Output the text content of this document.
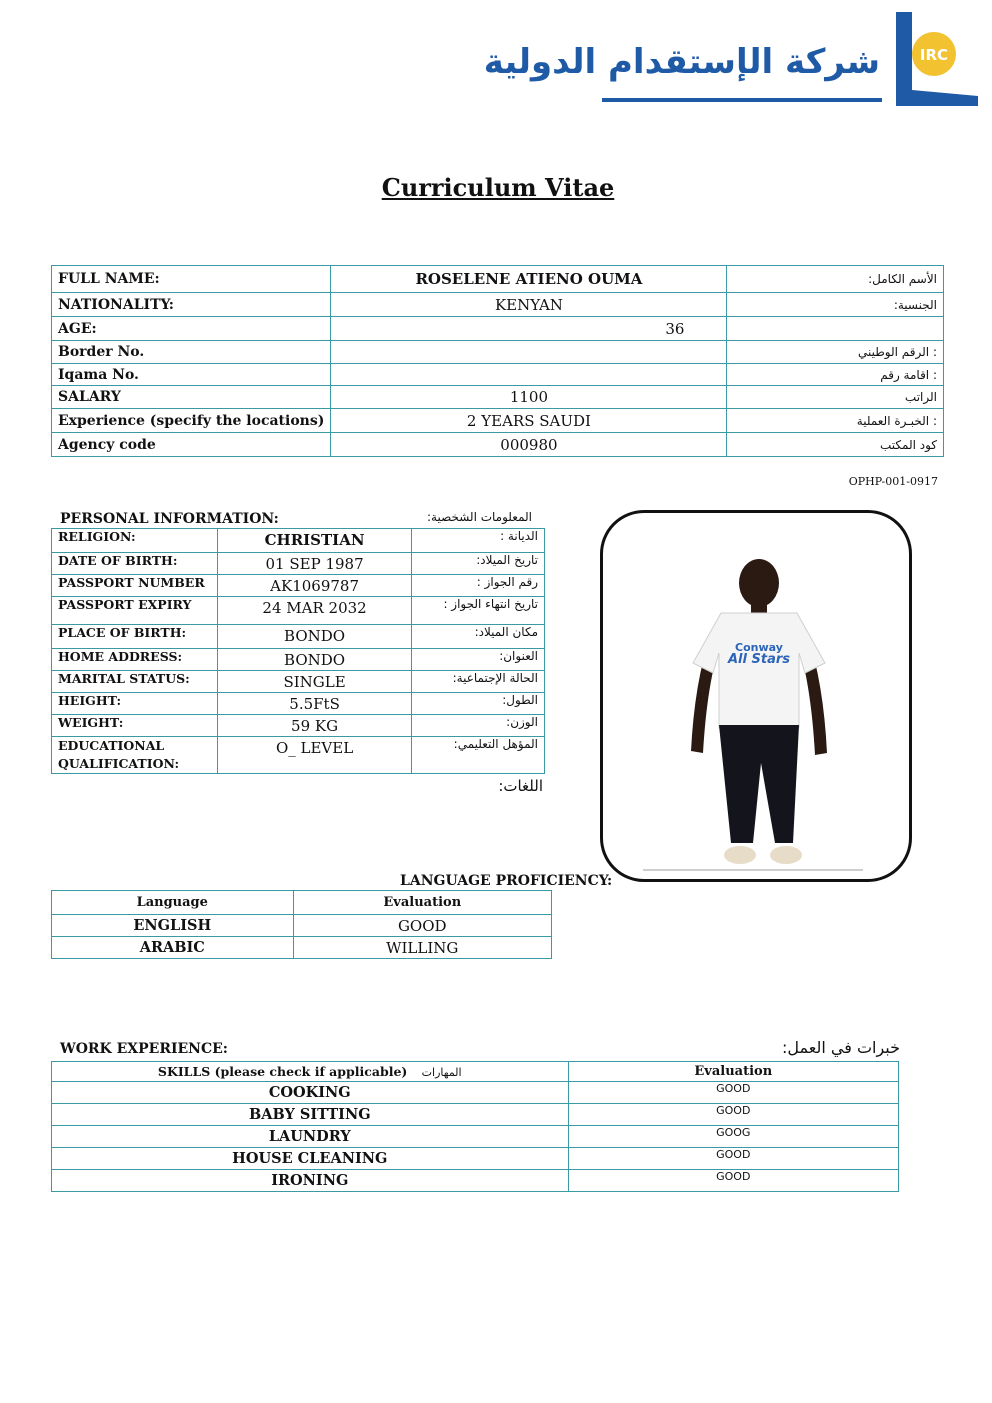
شركة الإستقدام الدولية	IRC
Curriculum Vitae
FULL NAME:	ROSELENE ATIENO OUMA	الأسم الكامل:
NATIONALITY:	KENYAN	الجنسية:
AGE:	36	
Border No.		: الرقم الوطيني
Iqama No.		: اقامة رقم
SALARY	1100	الراتب
Experience (specify the locations)	2 YEARS SAUDI	: الخبـرة العملية
Agency code	000980	كود المكتب
OPHP-001-0917
PERSONAL INFORMATION:	المعلومات الشخصية:
RELIGION:	CHRISTIAN	الديانة :
DATE OF BIRTH:	01 SEP 1987	تاريخ الميلاد:
PASSPORT NUMBER	AK1069787	رقم الجواز :
PASSPORT EXPIRY	24 MAR 2032	تاريخ انتهاء الجواز :
PLACE OF BIRTH:	BONDO	مكان الميلاد:
HOME ADDRESS:	BONDO	العنوان:
MARITAL STATUS:	SINGLE	الحالة الإجتماعية:
HEIGHT:	5.5FtS	الطول:
WEIGHT:	59 KG	الوزن:
EDUCATIONAL QUALIFICATION:	O_ LEVEL	المؤهل التعليمي:
اللغات:
Conway
All Stars
LANGUAGE PROFICIENCY:
Language	Evaluation
ENGLISH	GOOD
ARABIC	WILLING
WORK EXPERIENCE:	خبرات في العمل:
SKILLS (please check if applicable) المهارات	Evaluation
COOKING	GOOD
BABY SITTING	GOOD
LAUNDRY	GOOG
HOUSE CLEANING	GOOD
IRONING	GOOD
